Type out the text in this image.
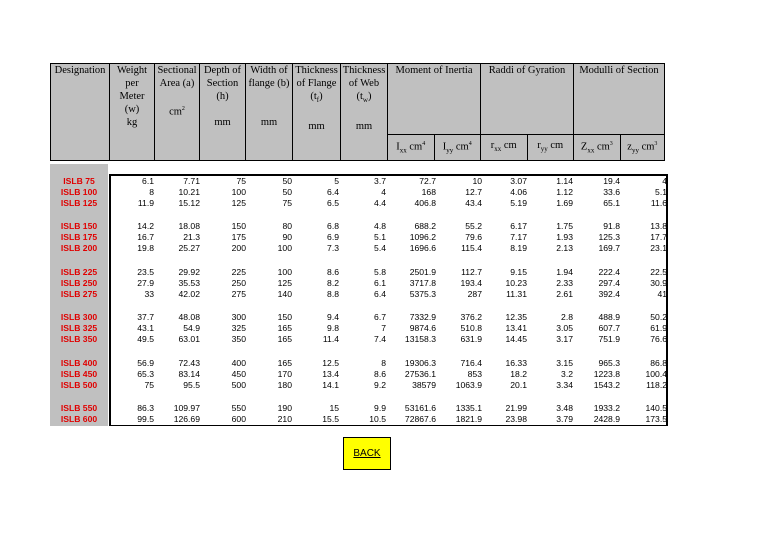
Designation	Weight
per
Meter
(w)
kg	Sectional
Area (a)

$cm^2$	Depth of
Section
(h)

mm	Width of
flange (b)

mm	Thickness
of Flange
$(t_f)$

mm	Thickness
of Web
$(t_w)$

mm	Moment of Inertia		Raddi of Gyration		Modulli of Section	
							$I_{xx}$ $cm^4$	$I_{yy}$ $cm^4$	$r_{xx}$ cm	$r_{yy}$ cm	$Z_{xx}$ $cm^3$	$z_{yy}$ $cm^3$
ISLB 75	6.1	7.71	75	50	5	3.7	72.7	10	3.07	1.14	19.4	4
ISLB 100	8	10.21	100	50	6.4	4	168	12.7	4.06	1.12	33.6	5.1
ISLB 125	11.9	15.12	125	75	6.5	4.4	406.8	43.4	5.19	1.69	65.1	11.6
ISLB 150	14.2	18.08	150	80	6.8	4.8	688.2	55.2	6.17	1.75	91.8	13.8
ISLB 175	16.7	21.3	175	90	6.9	5.1	1096.2	79.6	7.17	1.93	125.3	17.7
ISLB 200	19.8	25.27	200	100	7.3	5.4	1696.6	115.4	8.19	2.13	169.7	23.1
ISLB 225	23.5	29.92	225	100	8.6	5.8	2501.9	112.7	9.15	1.94	222.4	22.5
ISLB 250	27.9	35.53	250	125	8.2	6.1	3717.8	193.4	10.23	2.33	297.4	30.9
ISLB 275	33	42.02	275	140	8.8	6.4	5375.3	287	11.31	2.61	392.4	41
ISLB 300	37.7	48.08	300	150	9.4	6.7	7332.9	376.2	12.35	2.8	488.9	50.2
ISLB 325	43.1	54.9	325	165	9.8	7	9874.6	510.8	13.41	3.05	607.7	61.9
ISLB 350	49.5	63.01	350	165	11.4	7.4	13158.3	631.9	14.45	3.17	751.9	76.6
ISLB 400	56.9	72.43	400	165	12.5	8	19306.3	716.4	16.33	3.15	965.3	86.8
ISLB 450	65.3	83.14	450	170	13.4	8.6	27536.1	853	18.2	3.2	1223.8	100.4
ISLB 500	75	95.5	500	180	14.1	9.2	38579	1063.9	20.1	3.34	1543.2	118.2
ISLB 550	86.3	109.97	550	190	15	9.9	53161.6	1335.1	21.99	3.48	1933.2	140.5
ISLB 600	99.5	126.69	600	210	15.5	10.5	72867.6	1821.9	23.98	3.79	2428.9	173.5
BACK
